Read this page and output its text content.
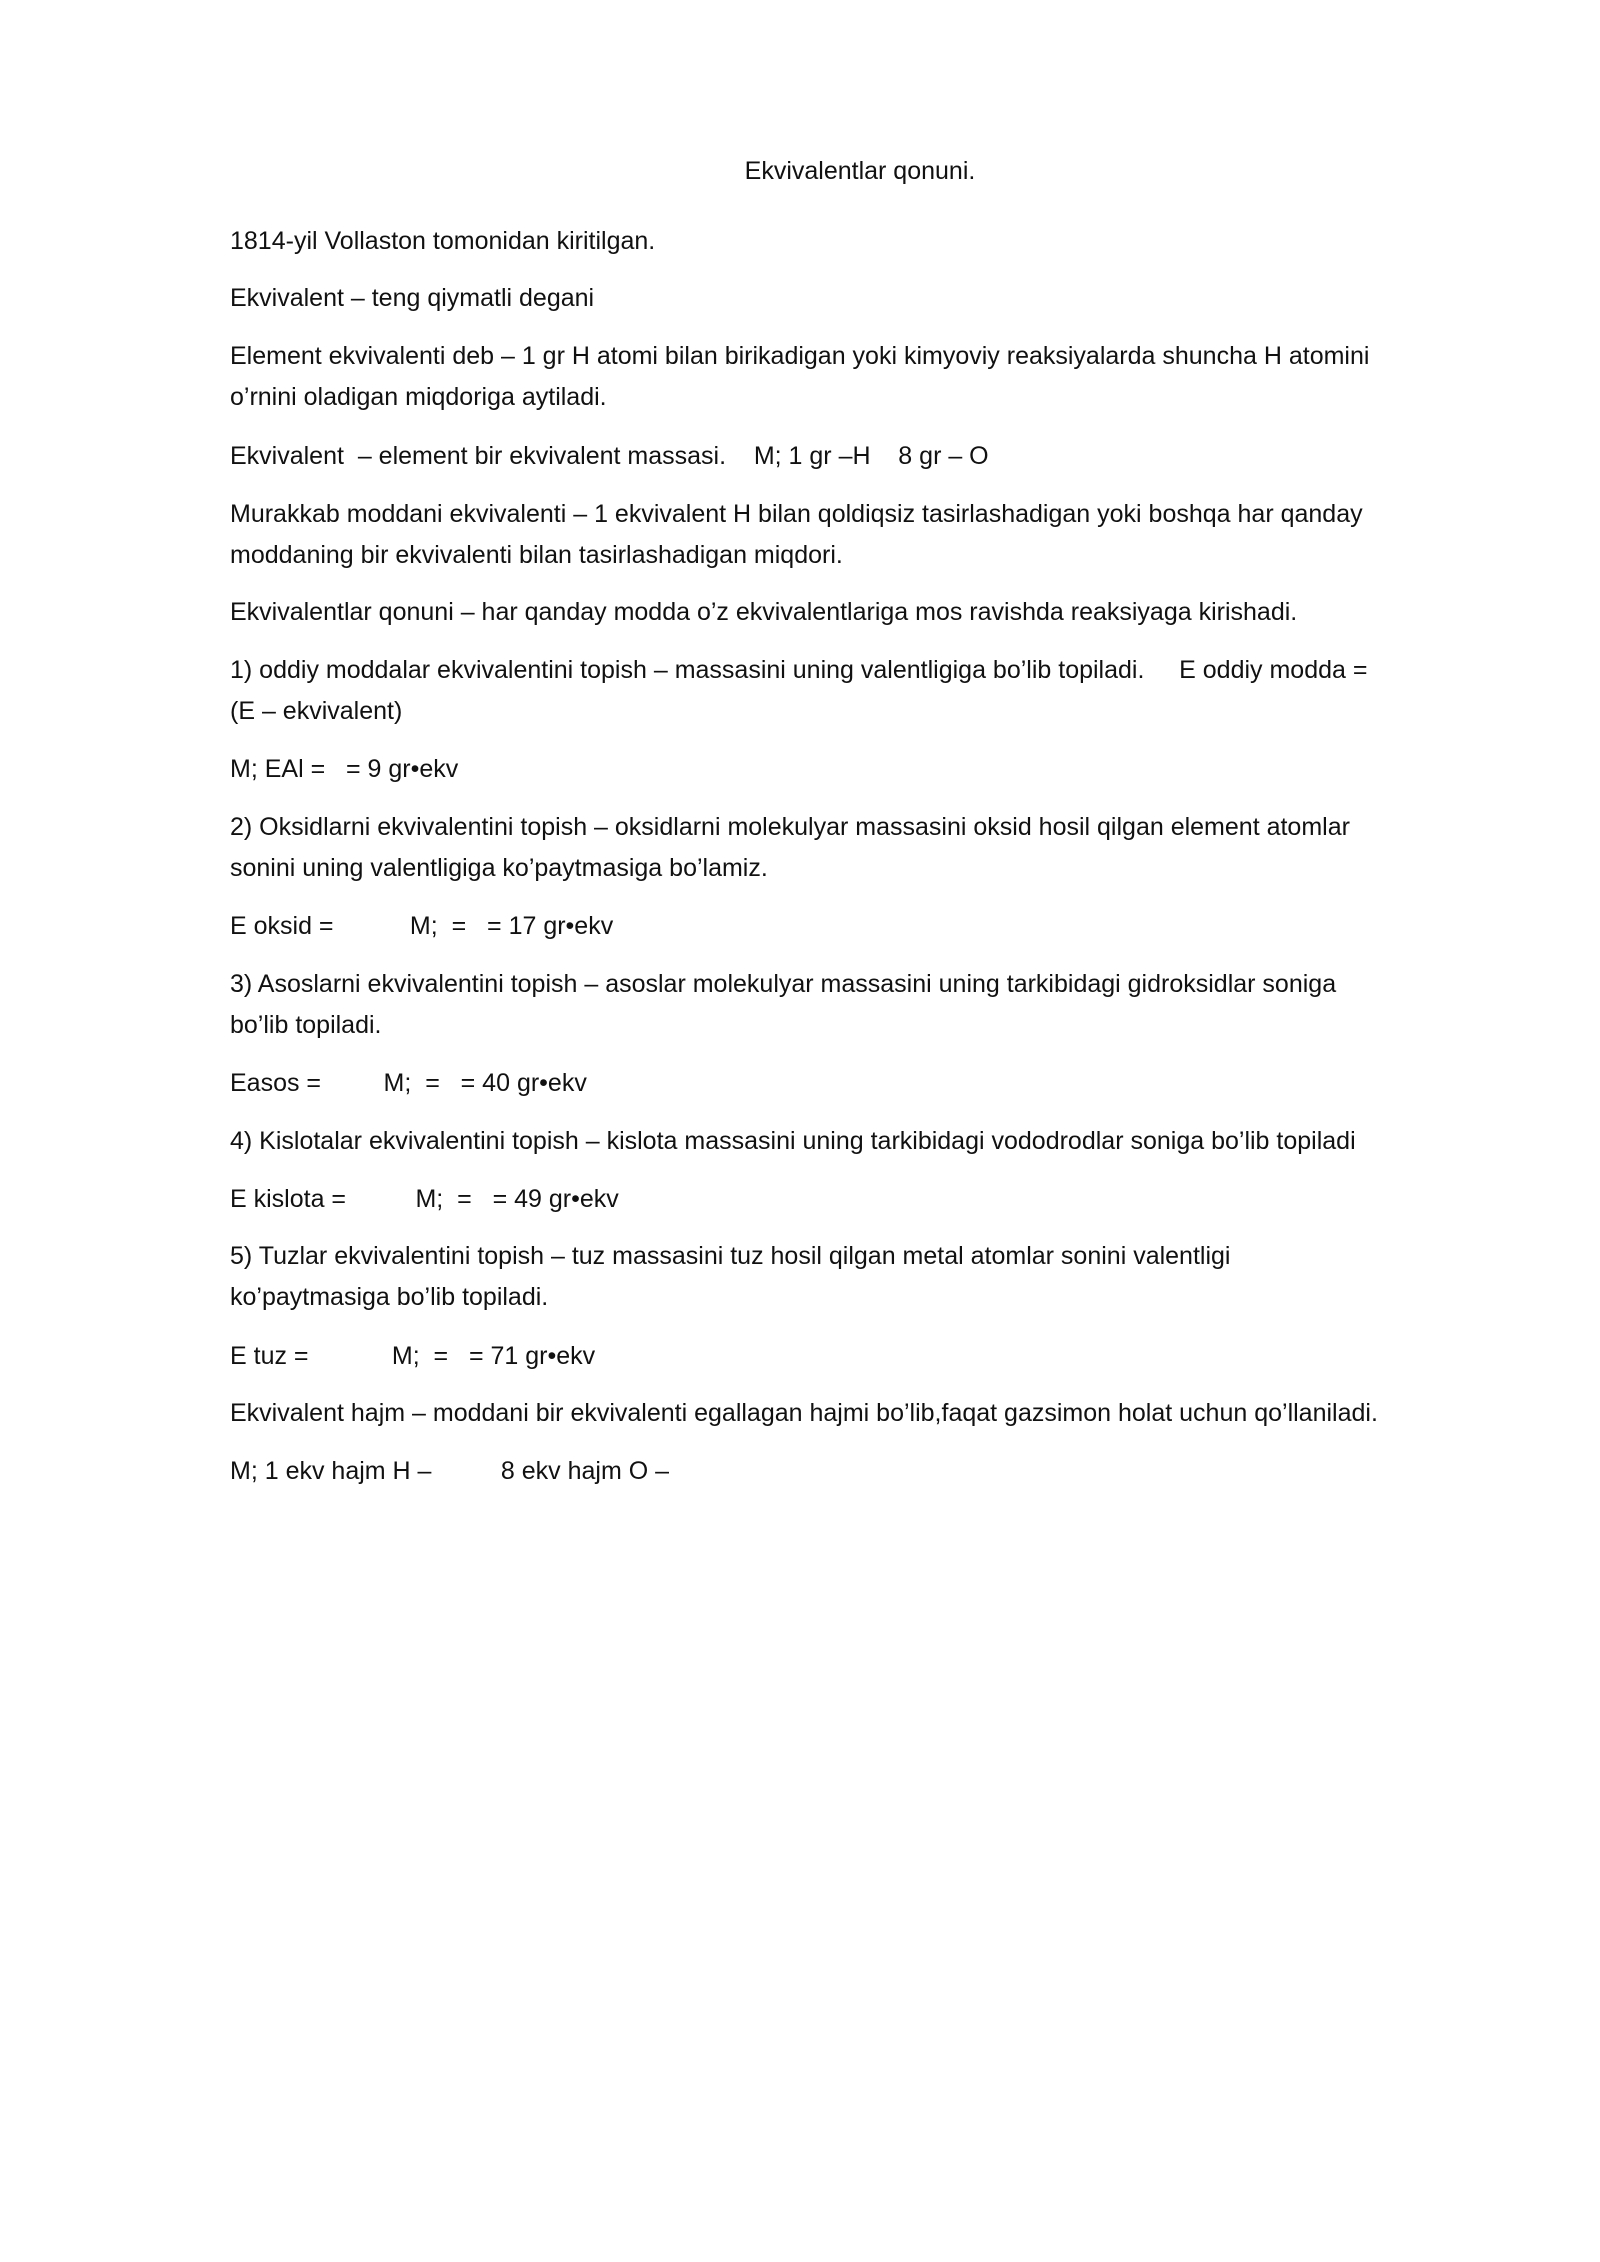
Ekvivalentlar qonuni.
1814-yil Vollaston tomonidan kiritilgan.
Ekvivalent – teng qiymatli degani
Element ekvivalenti deb – 1 gr H atomi bilan birikadigan yoki kimyoviy reaksiyalarda shuncha H atomini
o’rnini oladigan miqdoriga aytiladi.
Ekvivalent  – element bir ekvivalent massasi.    M; 1 gr –H    8 gr – O
Murakkab moddani ekvivalenti – 1 ekvivalent H bilan qoldiqsiz tasirlashadigan yoki boshqa har qanday
moddaning bir ekvivalenti bilan tasirlashadigan miqdori.
Ekvivalentlar qonuni – har qanday modda o’z ekvivalentlariga mos ravishda reaksiyaga kirishadi.
1) oddiy moddalar ekvivalentini topish – massasini uning valentligiga bo’lib topiladi.     E oddiy modda =
(E – ekvivalent)
M; EAl =   = 9 gr•ekv
2) Oksidlarni ekvivalentini topish – oksidlarni molekulyar massasini oksid hosil qilgan element atomlar
sonini uning valentligiga ko’paytmasiga bo’lamiz.
E oksid =           M;  =   = 17 gr•ekv
3) Asoslarni ekvivalentini topish – asoslar molekulyar massasini uning tarkibidagi gidroksidlar soniga
bo’lib topiladi.
Easos =         M;  =   = 40 gr•ekv
4) Kislotalar ekvivalentini topish – kislota massasini uning tarkibidagi vododrodlar soniga bo’lib topiladi
E kislota =          M;  =   = 49 gr•ekv
5) Tuzlar ekvivalentini topish – tuz massasini tuz hosil qilgan metal atomlar sonini valentligi
ko’paytmasiga bo’lib topiladi.
E tuz =            M;  =   = 71 gr•ekv
Ekvivalent hajm – moddani bir ekvivalenti egallagan hajmi bo’lib,faqat gazsimon holat uchun qo’llaniladi.
M; 1 ekv hajm H –          8 ekv hajm O –
